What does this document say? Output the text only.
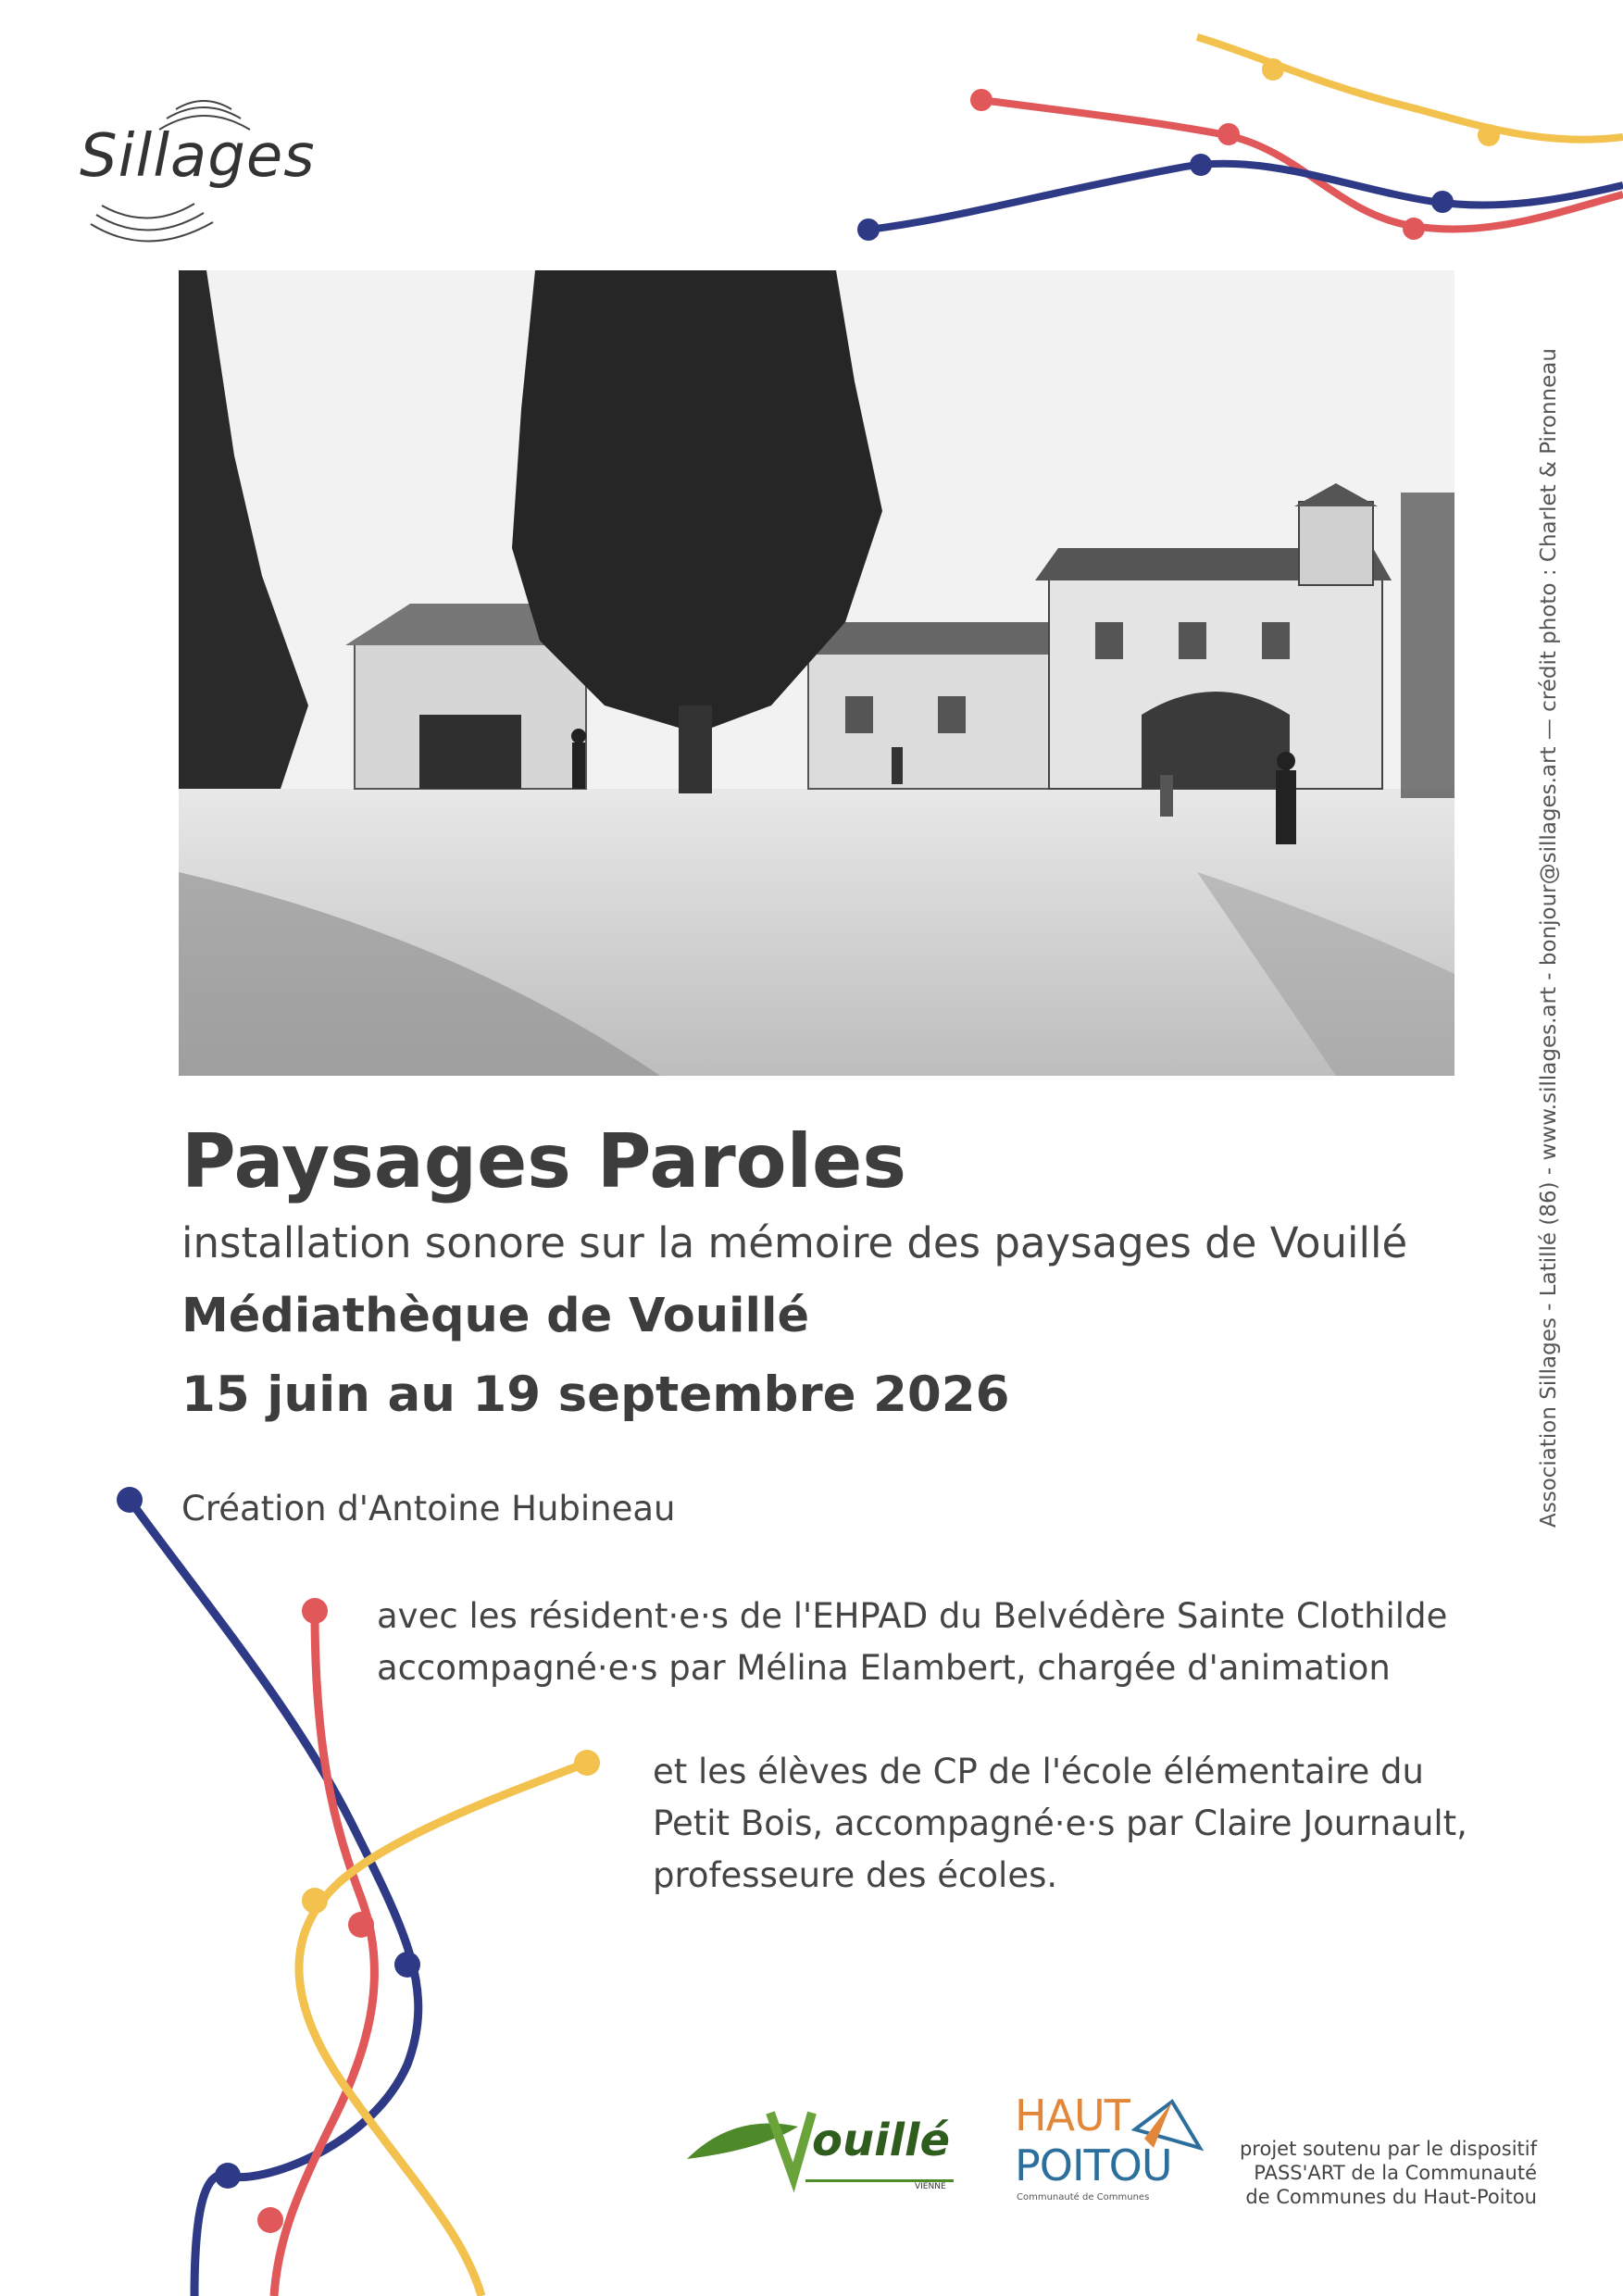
Sillages
Association Sillages - Latillé (86) - www.sillages.art - bonjour@sillages.art — crédit photo : Charlet & Pironneau
Paysages Paroles
installation sonore sur la mémoire des paysages de Vouillé
Médiathèque de Vouillé
15 juin au 19 septembre 2026
Création d'Antoine Hubineau
avec les résident·e·s de l'EHPAD du Belvédère Sainte Clothilde
accompagné·e·s par Mélina Elambert, chargée d'animation
et les élèves de CP de l'école élémentaire du
Petit Bois, accompagné·e·s par Claire Journault,
professeure des écoles.
ouillé
VIENNE
HAUT
POITOU
Communauté de Communes
projet soutenu par le dispositif
PASS'ART de la Communauté
de Communes du Haut-Poitou
